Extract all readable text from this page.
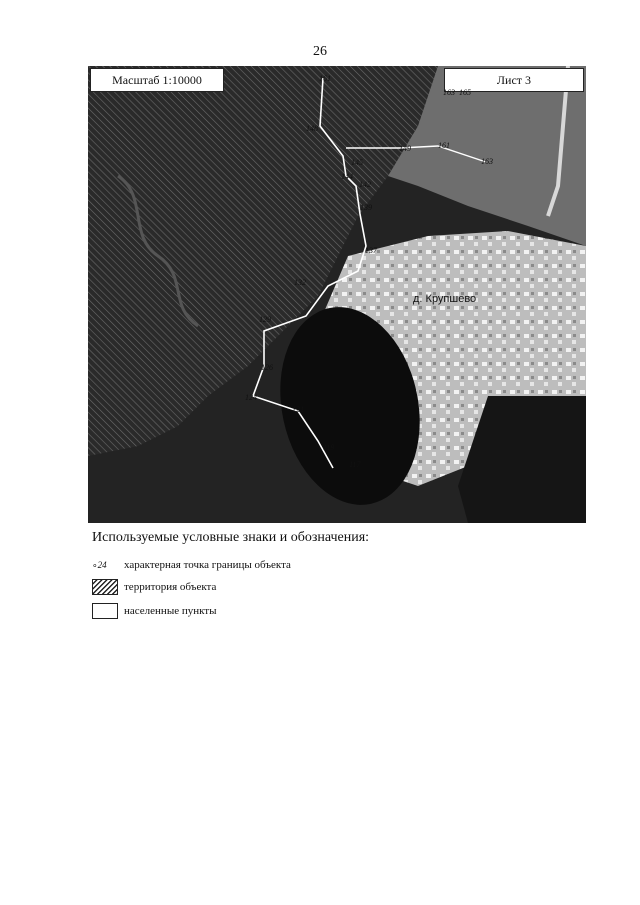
26
Масштаб 1:10000	Лист 3
161
163 165
148
149	161
163
145
144
142
139
137
132
129
126
124
121
119
117
д. Крупшево
Используемые условные знаки и обозначения:
∘ 24 характерная точка границы объекта
территория объекта
населенные пункты
